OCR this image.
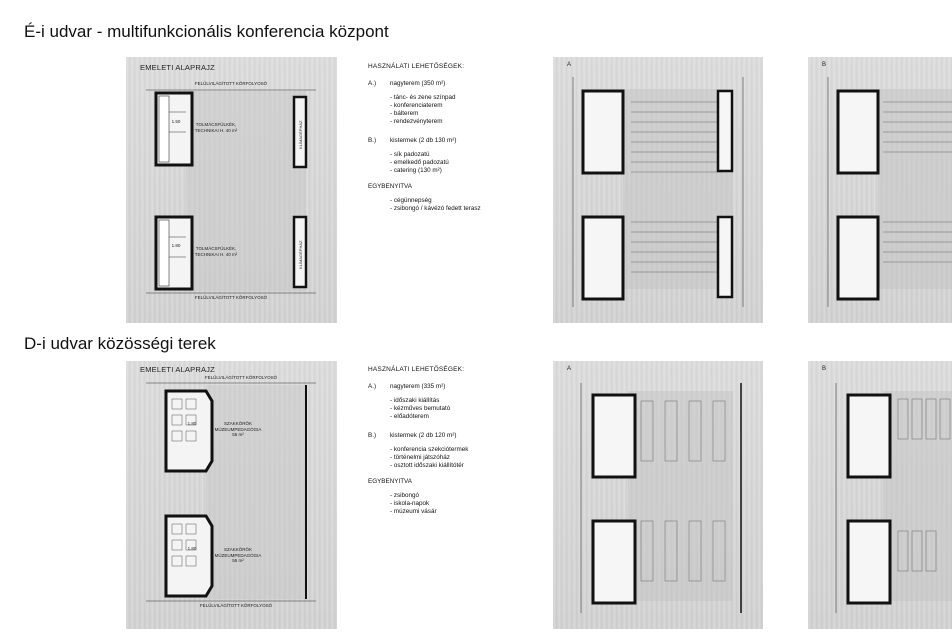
É-i udvar - multifunkcionális konferencia központ
EMELETI ALAPRAJZ
FELÜLVILÁGÍTOTT KÖRFOLYOSÓ
FELÜLVILÁGÍTOTT KÖRFOLYOSÓ
TOLMÁCSFÜLKÉK, TECHNIKAI H. 40 m²
TOLMÁCSFÜLKÉK, TECHNIKAI H. 40 m²
KLÍMAGÉPHÁZ
KLÍMAGÉPHÁZ
1.50
1.80
HASZNÁLATI LEHETŐSÉGEK:
A.) nagyterem (350 m²)
- tánc- és zene színpad
- konferenciaterem
- bálterem
- rendezvényterem
B.) kistermek (2 db 130 m²)
- sík padozatú
- emelkedő padozatú
- catering (130 m²)
EGYBENYITVA
- cégünnepség
- zsibongó / kávézó fedett terasz
A	B
D-i udvar közösségi terek
EMELETI ALAPRAJZ
FELÜLVILÁGÍTOTT KÖRFOLYOSÓ
FELÜLVILÁGÍTOTT KÖRFOLYOSÓ
SZAKKÖRÖK MÚZEUMPEDAGÓGIA 55 m²
SZAKKÖRÖK MÚZEUMPEDAGÓGIA 55 m²
1.80
1.80
HASZNÁLATI LEHETŐSÉGEK:
A.) nagyterem (335 m²)
- időszaki kiállítás
- kézműves bemutató
- előadóterem
B.) kistermek (2 db 120 m²)
- konferencia szekciótermek
- történelmi játszóház
- osztott időszaki kiállítótér
EGYBENYITVA
- zsibongó
- iskola-napok
- múzeumi vásár
A	B
